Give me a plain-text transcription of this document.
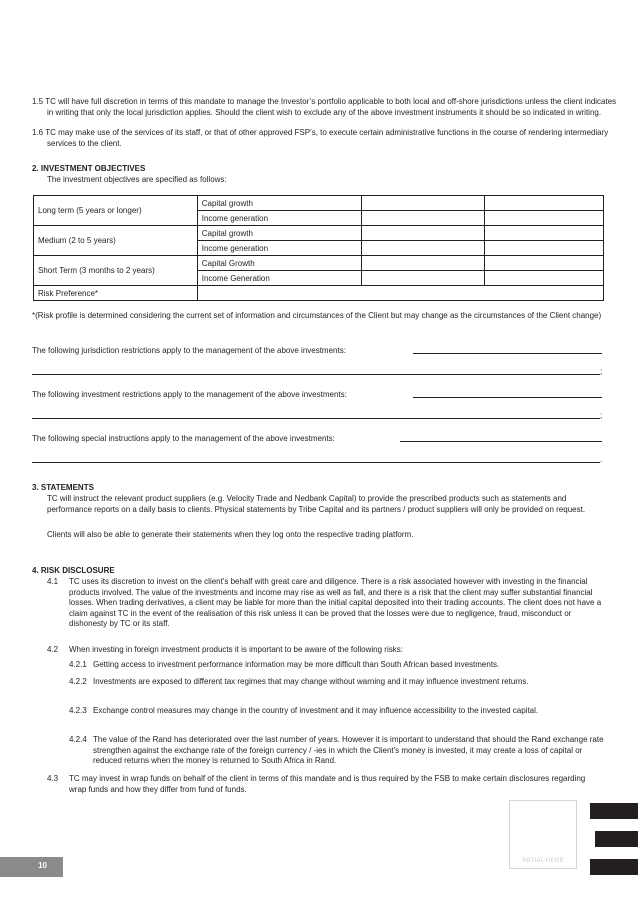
1.5 TC will have full discretion in terms of this mandate to manage the Investor’s portfolio applicable to both local and off-shore jurisdictions unless the client indicates in writing that only the local jurisdiction applies. Should the client wish to exclude any of the above investment instruments it should be so indicated in writing.
1.6 TC may make use of the services of its staff, or that of other approved FSP’s, to execute certain administrative functions in the course of rendering intermediary services to the client.
2. INVESTMENT OBJECTIVES
The investment objectives are specified as follows:
Long term (5 years or longer)	Capital growth		
	Income generation		
Medium (2 to 5 years)	Capital growth		
	Income generation		
Short Term (3 months to 2 years)	Capital Growth		
	Income Generation		
Risk Preference*			
*(Risk profile is determined considering the current set of information and circumstances of the Client but may change as the circumstances of the Client change)
The following jurisdiction restrictions apply to the management of the above investments:
;
The following investment restrictions apply to the management of the above investments:
;
The following special instructions apply to the management of the above investments:
.
3. STATEMENTS
TC will instruct the relevant product suppliers (e.g. Velocity Trade and Nedbank Capital) to provide the prescribed products such as statements and performance reports on a daily basis to clients. Physical statements by Tribe Capital and its partners / product suppliers will only be provided on request.
Clients will also be able to generate their statements when they log onto the respective trading platform.
4. RISK DISCLOSURE
4.1 TC uses its discretion to invest on the client's behalf with great care and diligence. There is a risk associated however with investing in the financial products involved. The value of the investments and income may rise as well as fall, and there is a risk that the client may suffer substantial financial losses. When trading derivatives, a client may be liable for more than the initial capital deposited into their trading accounts. The client does not have a claim against TC in the event of the realisation of this risk unless it can be proved that the losses were due to negligence, fraud, misconduct or dishonesty by TC or its staff.
4.2 When investing in foreign investment products it is important to be aware of the following risks:
4.2.1 Getting access to investment performance information may be more difficult than South African based investments.
4.2.2 Investments are exposed to different tax regimes that may change without warning and it may influence investment returns.
4.2.3 Exchange control measures may change in the country of investment and it may influence accessibility to the invested capital.
4.2.4 The value of the Rand has deteriorated over the last number of years. However it is important to understand that should the Rand exchange rate strengthen against the exchange rate of the foreign currency / -ies in which the Client's money is invested, it may create a loss of capital or reduced returns when the money is returned to South Africa in Rand.
4.3 TC may invest in wrap funds on behalf of the client in terms of this mandate and is thus required by the FSB to make certain disclosures regarding wrap funds and how they differ from fund of funds.
INITIAL HERE
10
